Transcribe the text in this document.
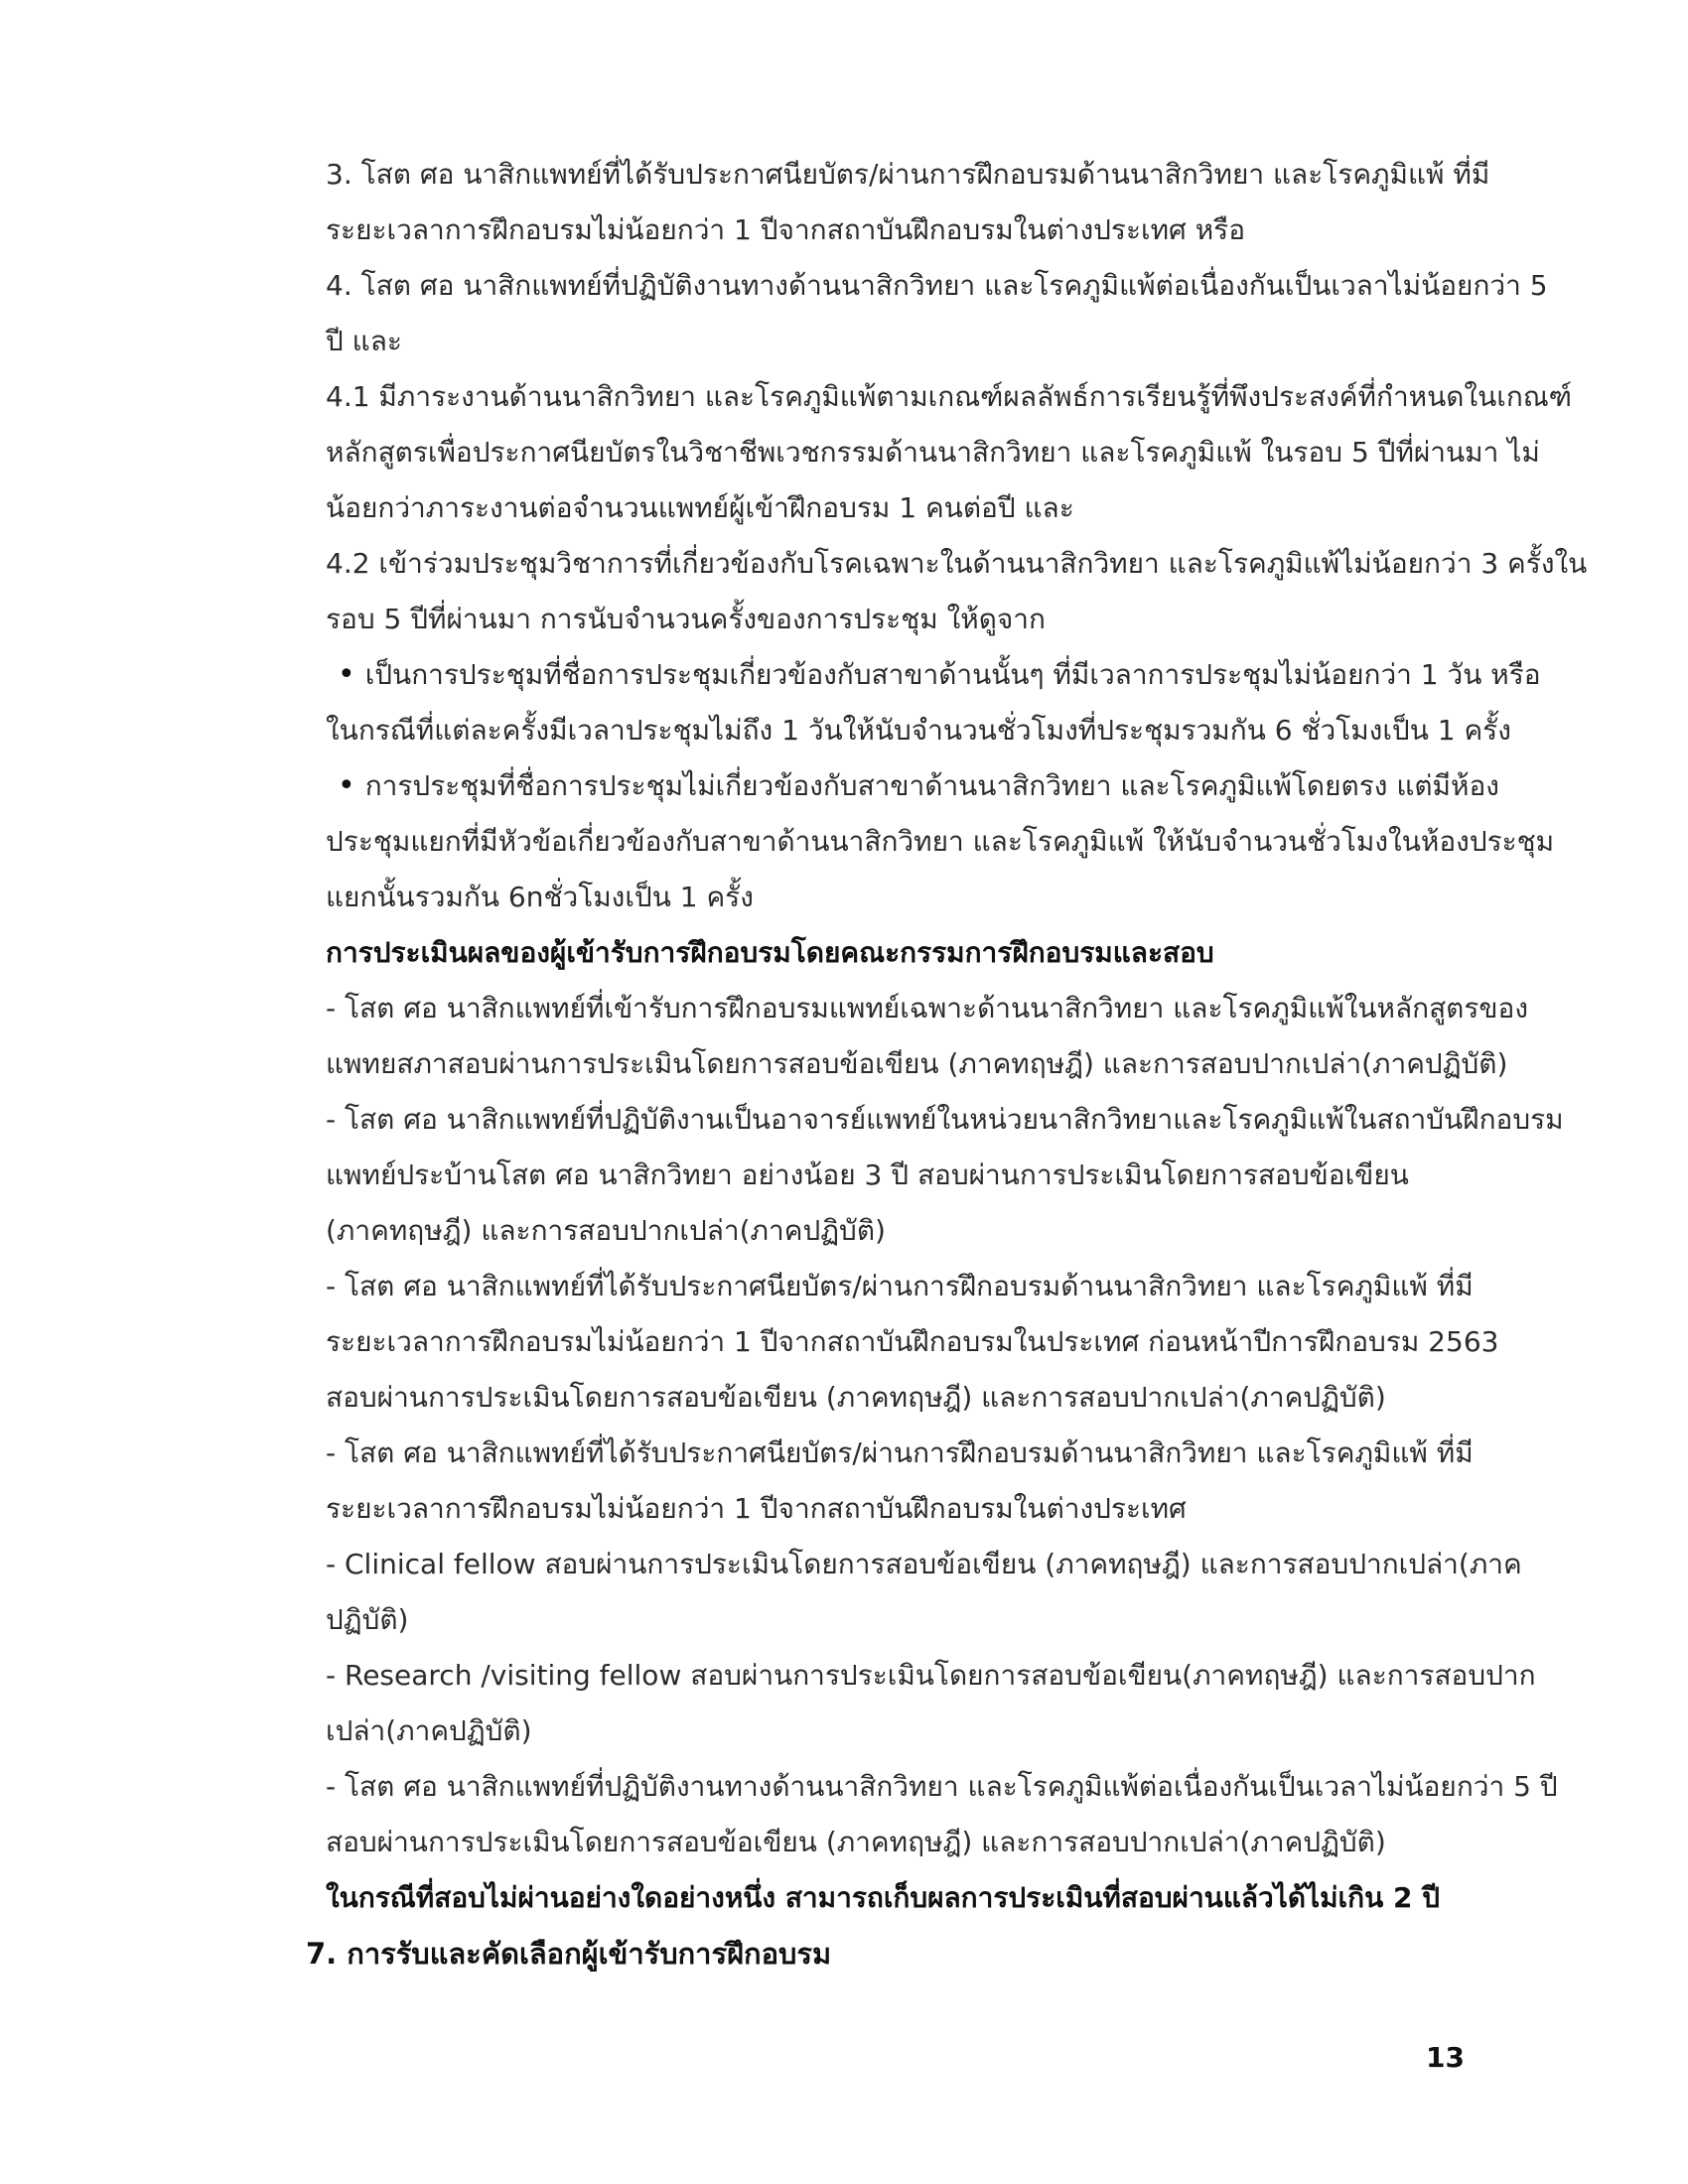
3. โสต ศอ นาสิกแพทย์ที่ได้รับประกาศนียบัตร/ผ่านการฝึกอบรมด้านนาสิกวิทยา และโรคภูมิแพ้ ที่มี
ระยะเวลาการฝึกอบรมไม่น้อยกว่า 1 ปีจากสถาบันฝึกอบรมในต่างประเทศ หรือ
4. โสต ศอ นาสิกแพทย์ที่ปฏิบัติงานทางด้านนาสิกวิทยา และโรคภูมิแพ้ต่อเนื่องกันเป็นเวลาไม่น้อยกว่า 5
ปี และ
4.1 มีภาระงานด้านนาสิกวิทยา และโรคภูมิแพ้ตามเกณฑ์ผลลัพธ์การเรียนรู้ที่พึงประสงค์ที่กำหนดในเกณฑ์
หลักสูตรเพื่อประกาศนียบัตรในวิชาชีพเวชกรรมด้านนาสิกวิทยา และโรคภูมิแพ้ ในรอบ 5 ปีที่ผ่านมา ไม่
น้อยกว่าภาระงานต่อจำนวนแพทย์ผู้เข้าฝึกอบรม 1 คนต่อปี และ
4.2 เข้าร่วมประชุมวิชาการที่เกี่ยวข้องกับโรคเฉพาะในด้านนาสิกวิทยา และโรคภูมิแพ้ไม่น้อยกว่า 3 ครั้งใน
รอบ 5 ปีที่ผ่านมา การนับจำนวนครั้งของการประชุม ให้ดูจาก
• เป็นการประชุมที่ชื่อการประชุมเกี่ยวข้องกับสาขาด้านนั้นๆ ที่มีเวลาการประชุมไม่น้อยกว่า 1 วัน หรือ
ในกรณีที่แต่ละครั้งมีเวลาประชุมไม่ถึง 1 วันให้นับจำนวนชั่วโมงที่ประชุมรวมกัน 6 ชั่วโมงเป็น 1 ครั้ง
• การประชุมที่ชื่อการประชุมไม่เกี่ยวข้องกับสาขาด้านนาสิกวิทยา และโรคภูมิแพ้โดยตรง แต่มีห้อง
ประชุมแยกที่มีหัวข้อเกี่ยวข้องกับสาขาด้านนาสิกวิทยา และโรคภูมิแพ้ ให้นับจำนวนชั่วโมงในห้องประชุม
แยกนั้นรวมกัน 6nชั่วโมงเป็น 1 ครั้ง
การประเมินผลของผู้เข้ารับการฝึกอบรมโดยคณะกรรมการฝึกอบรมและสอบ
- โสต ศอ นาสิกแพทย์ที่เข้ารับการฝึกอบรมแพทย์เฉพาะด้านนาสิกวิทยา และโรคภูมิแพ้ในหลักสูตรของ
แพทยสภาสอบผ่านการประเมินโดยการสอบข้อเขียน (ภาคทฤษฎี) และการสอบปากเปล่า(ภาคปฏิบัติ)
- โสต ศอ นาสิกแพทย์ที่ปฏิบัติงานเป็นอาจารย์แพทย์ในหน่วยนาสิกวิทยาและโรคภูมิแพ้ในสถาบันฝึกอบรม
แพทย์ประบ้านโสต ศอ นาสิกวิทยา อย่างน้อย 3 ปี สอบผ่านการประเมินโดยการสอบข้อเขียน
(ภาคทฤษฎี) และการสอบปากเปล่า(ภาคปฏิบัติ)
- โสต ศอ นาสิกแพทย์ที่ได้รับประกาศนียบัตร/ผ่านการฝึกอบรมด้านนาสิกวิทยา และโรคภูมิแพ้ ที่มี
ระยะเวลาการฝึกอบรมไม่น้อยกว่า 1 ปีจากสถาบันฝึกอบรมในประเทศ ก่อนหน้าปีการฝึกอบรม 2563
สอบผ่านการประเมินโดยการสอบข้อเขียน (ภาคทฤษฎี) และการสอบปากเปล่า(ภาคปฏิบัติ)
- โสต ศอ นาสิกแพทย์ที่ได้รับประกาศนียบัตร/ผ่านการฝึกอบรมด้านนาสิกวิทยา และโรคภูมิแพ้ ที่มี
ระยะเวลาการฝึกอบรมไม่น้อยกว่า 1 ปีจากสถาบันฝึกอบรมในต่างประเทศ
- Clinical fellow สอบผ่านการประเมินโดยการสอบข้อเขียน (ภาคทฤษฎี) และการสอบปากเปล่า(ภาค
ปฏิบัติ)
- Research /visiting fellow สอบผ่านการประเมินโดยการสอบข้อเขียน(ภาคทฤษฎี) และการสอบปาก
เปล่า(ภาคปฏิบัติ)
- โสต ศอ นาสิกแพทย์ที่ปฏิบัติงานทางด้านนาสิกวิทยา และโรคภูมิแพ้ต่อเนื่องกันเป็นเวลาไม่น้อยกว่า 5 ปี
สอบผ่านการประเมินโดยการสอบข้อเขียน (ภาคทฤษฎี) และการสอบปากเปล่า(ภาคปฏิบัติ)
ในกรณีที่สอบไม่ผ่านอย่างใดอย่างหนึ่ง สามารถเก็บผลการประเมินที่สอบผ่านแล้วได้ไม่เกิน 2 ปี
7. การรับและคัดเลือกผู้เข้ารับการฝึกอบรม
13
